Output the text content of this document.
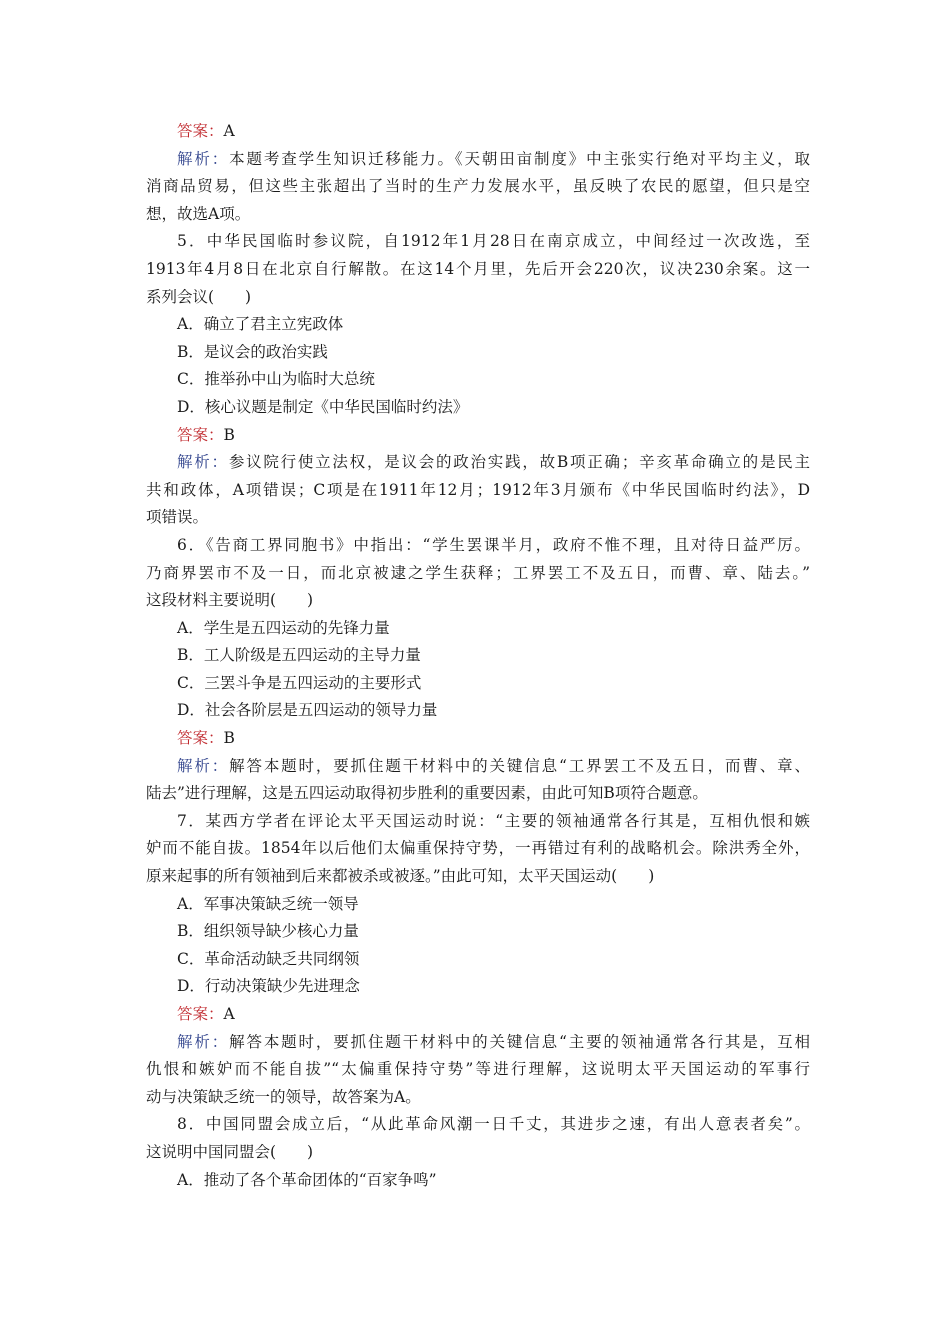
答案：A
解析：本题考查学生知识迁移能力。《天朝田亩制度》中主张实行绝对平均主义，取
消商品贸易，但这些主张超出了当时的生产力发展水平，虽反映了农民的愿望，但只是空
想，故选A项。
5．中华民国临时参议院，自1912年1月28日在南京成立，中间经过一次改选，至
1913年4月8日在北京自行解散。在这14个月里，先后开会220次，议决230余案。这一
系列会议(　　)
A．确立了君主立宪政体
B．是议会的政治实践
C．推举孙中山为临时大总统
D．核心议题是制定《中华民国临时约法》
答案：B
解析：参议院行使立法权，是议会的政治实践，故B项正确；辛亥革命确立的是民主
共和政体，A项错误；C项是在1911年12月；1912年3月颁布《中华民国临时约法》，D
项错误。
6．《告商工界同胞书》中指出：“学生罢课半月，政府不惟不理，且对待日益严厉。
乃商界罢市不及一日，而北京被逮之学生获释；工界罢工不及五日，而曹、章、陆去。”
这段材料主要说明(　　)
A．学生是五四运动的先锋力量
B．工人阶级是五四运动的主导力量
C．三罢斗争是五四运动的主要形式
D．社会各阶层是五四运动的领导力量
答案：B
解析：解答本题时，要抓住题干材料中的关键信息“工界罢工不及五日，而曹、章、
陆去”进行理解，这是五四运动取得初步胜利的重要因素，由此可知B项符合题意。
7．某西方学者在评论太平天国运动时说：“主要的领袖通常各行其是，互相仇恨和嫉
妒而不能自拔。1854年以后他们太偏重保持守势，一再错过有利的战略机会。除洪秀全外，
原来起事的所有领袖到后来都被杀或被逐。”由此可知，太平天国运动(　　)
A．军事决策缺乏统一领导
B．组织领导缺少核心力量
C．革命活动缺乏共同纲领
D．行动决策缺少先进理念
答案：A
解析：解答本题时，要抓住题干材料中的关键信息“主要的领袖通常各行其是，互相
仇恨和嫉妒而不能自拔”“太偏重保持守势”等进行理解，这说明太平天国运动的军事行
动与决策缺乏统一的领导，故答案为A。
8．中国同盟会成立后，“从此革命风潮一日千丈，其进步之速，有出人意表者矣”。
这说明中国同盟会(　　)
A．推动了各个革命团体的“百家争鸣”
